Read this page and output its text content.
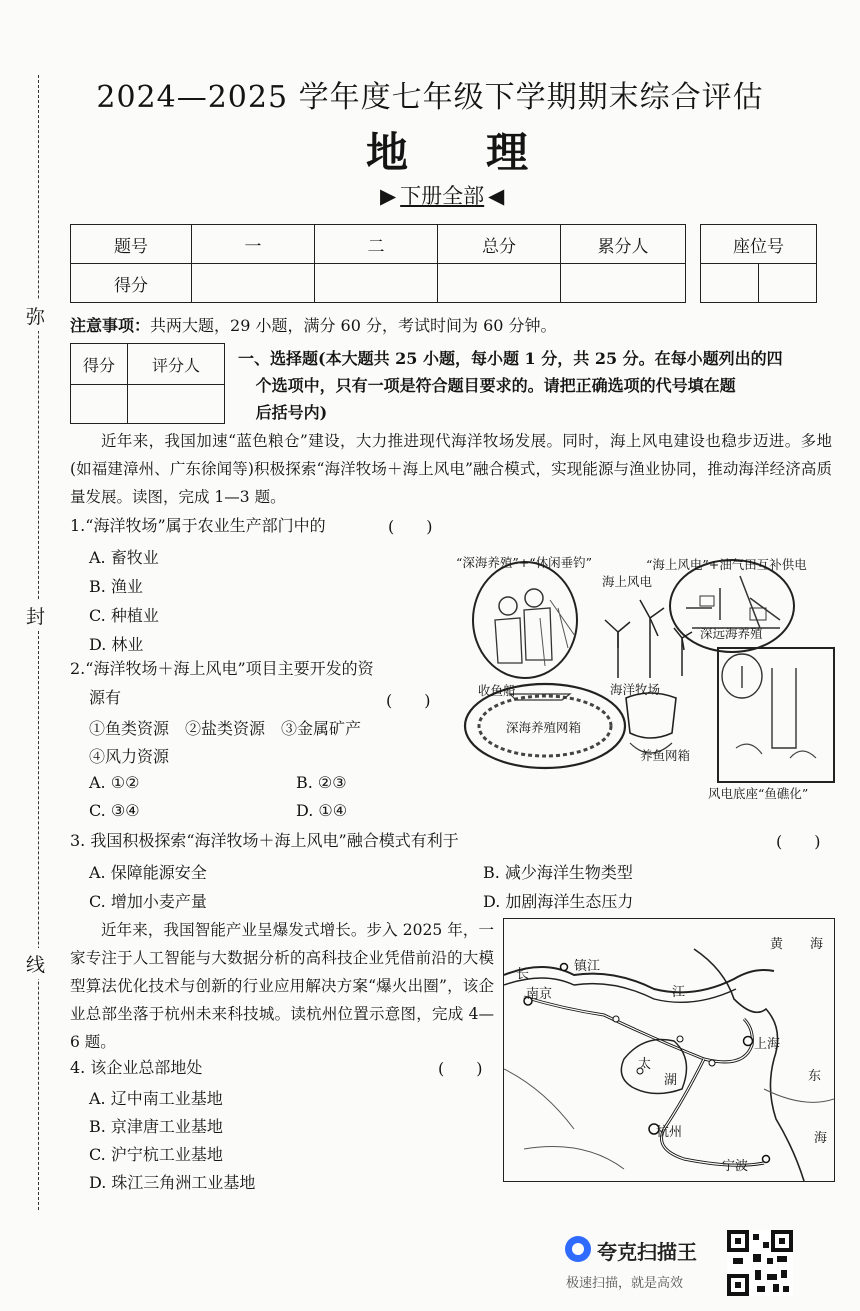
弥
封
线
2024—2025 学年度七年级下学期期末综合评估
地 理
▶ 下册全部 ◀
题号	一	二	总分	累分人
得分				
座位号

注意事项：共两大题，29 小题，满分 60 分，考试时间为 60 分钟。
得分	评分人
	一、选择题(本大题共 25 小题，每小题 1 分，共 25 分。在每小题列出的四
个选项中，只有一项是符合题目要求的。请把正确选项的代号填在题
后括号内)
近年来，我国加速“蓝色粮仓”建设，大力推进现代海洋牧场发展。同时，海上风电建设也稳步迈进。多地(如福建漳州、广东徐闻等)积极探索“海洋牧场＋海上风电”融合模式，实现能源与渔业协同，推动海洋经济高质量发展。读图，完成 1—3 题。
1.“海洋牧场”属于农业生产部门中的	(　　)
A. 畜牧业
B. 渔业
C. 种植业
D. 林业
2.“海洋牧场＋海上风电”项目主要开发的资
源有	(　　)
①鱼类资源　②盐类资源　③金属矿产
④风力资源
A. ①②	B. ②③
C. ③④	D. ①④
“深海养殖”+“休闲垂钓”	“海上风电”+油气田互补供电
海上风电
深远海养殖
收鱼船	海洋牧场
深海养殖网箱
养鱼网箱
风电底座“鱼礁化”
3. 我国积极探索“海洋牧场＋海上风电”融合模式有利于	(　　)
A. 保障能源安全	B. 减少海洋生物类型
C. 增加小麦产量	D. 加剧海洋生态压力
近年来，我国智能产业呈爆发式增长。步入 2025 年，一家专注于人工智能与大数据分析的高科技企业凭借前沿的大模型算法优化技术与创新的行业应用解决方案“爆火出圈”，该企业总部坐落于杭州未来科技城。读杭州位置示意图，完成 4—6 题。
4. 该企业总部地处	(　　)
A. 辽中南工业基地
B. 京津唐工业基地
C. 沪宁杭工业基地
D. 珠江三角洲工业基地
南京
镇江
长
江
黄 海
太
湖
上海
东
海
杭州
宁波
夸克扫描王
极速扫描，就是高效
